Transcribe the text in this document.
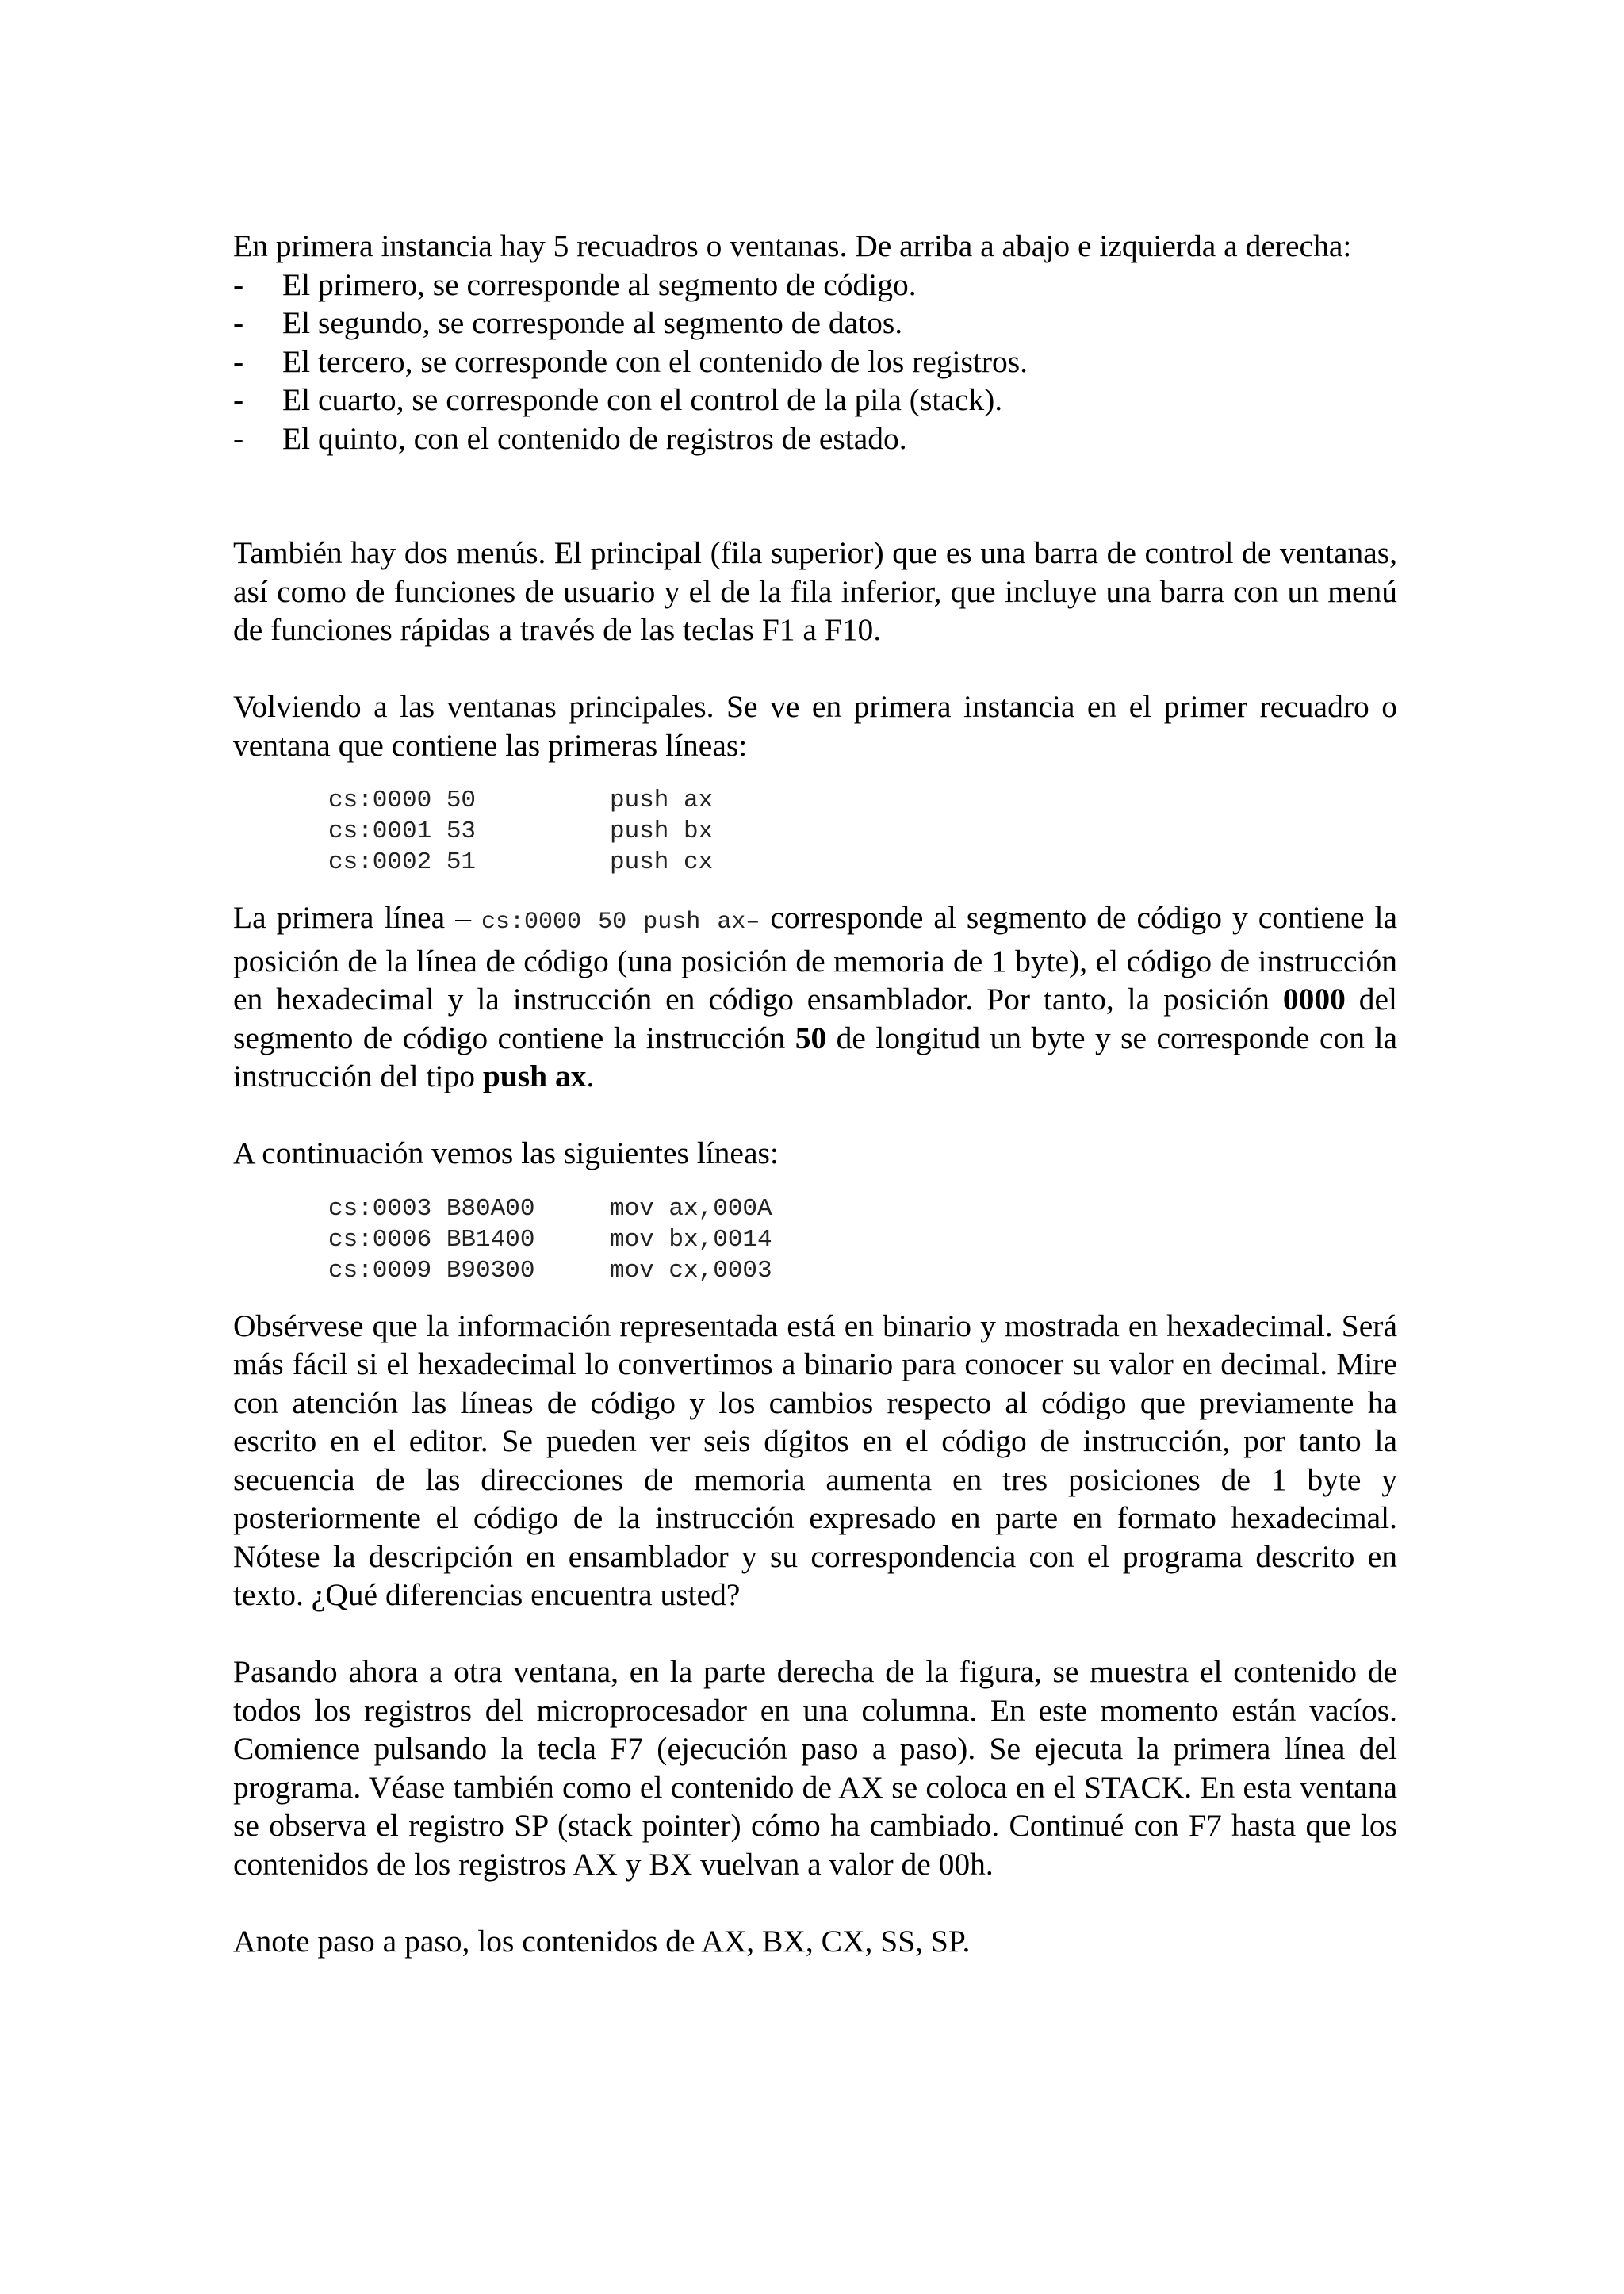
En primera instancia hay 5 recuadros o ventanas. De arriba a abajo e izquierda a derecha:

- El primero, se corresponde al segmento de código.
- El segundo, se corresponde al segmento de datos.
- El tercero, se corresponde con el contenido de los registros.
- El cuarto, se corresponde con el control de la pila (stack).
- El quinto, con el contenido de registros de estado.

También hay dos menús. El principal (fila superior) que es una barra de control de ventanas, así como de funciones de usuario y el de la fila inferior, que incluye una barra con un menú de funciones rápidas a través de las teclas F1 a F10.

Volviendo a las ventanas principales. Se ve en primera instancia en el primer recuadro o ventana que contiene las primeras líneas:

cs:0000 50	push ax
cs:0001 53	push bx
cs:0002 51	push cx

La primera línea – cs:0000 50 push ax– corresponde al segmento de código y contiene la posición de la línea de código (una posición de memoria de 1 byte), el código de instrucción en hexadecimal y la instrucción en código ensamblador. Por tanto, la posición 0000 del segmento de código contiene la instrucción 50 de longitud un byte y se corresponde con la instrucción del tipo push ax.

A continuación vemos las siguientes líneas:

cs:0003 B80A00	mov ax,000A
cs:0006 BB1400	mov bx,0014
cs:0009 B90300	mov cx,0003

Obsérvese que la información representada está en binario y mostrada en hexadecimal. Será más fácil si el hexadecimal lo convertimos a binario para conocer su valor en decimal. Mire con atención las líneas de código y los cambios respecto al código que previamente ha escrito en el editor. Se pueden ver seis dígitos en el código de instrucción, por tanto la secuencia de las direcciones de memoria aumenta en tres posiciones de 1 byte y posteriormente el código de la instrucción expresado en parte en formato hexadecimal. Nótese la descripción en ensamblador y su correspondencia con el programa descrito en texto. ¿Qué diferencias encuentra usted?

Pasando ahora a otra ventana, en la parte derecha de la figura, se muestra el contenido de todos los registros del microprocesador en una columna. En este momento están vacíos. Comience pulsando la tecla F7 (ejecución paso a paso). Se ejecuta la primera línea del programa. Véase también como el contenido de AX se coloca en el STACK. En esta ventana se observa el registro SP (stack pointer) cómo ha cambiado. Continué con F7 hasta que los contenidos de los registros AX y BX vuelvan a valor de 00h.

Anote paso a paso, los contenidos de AX, BX, CX, SS, SP.
